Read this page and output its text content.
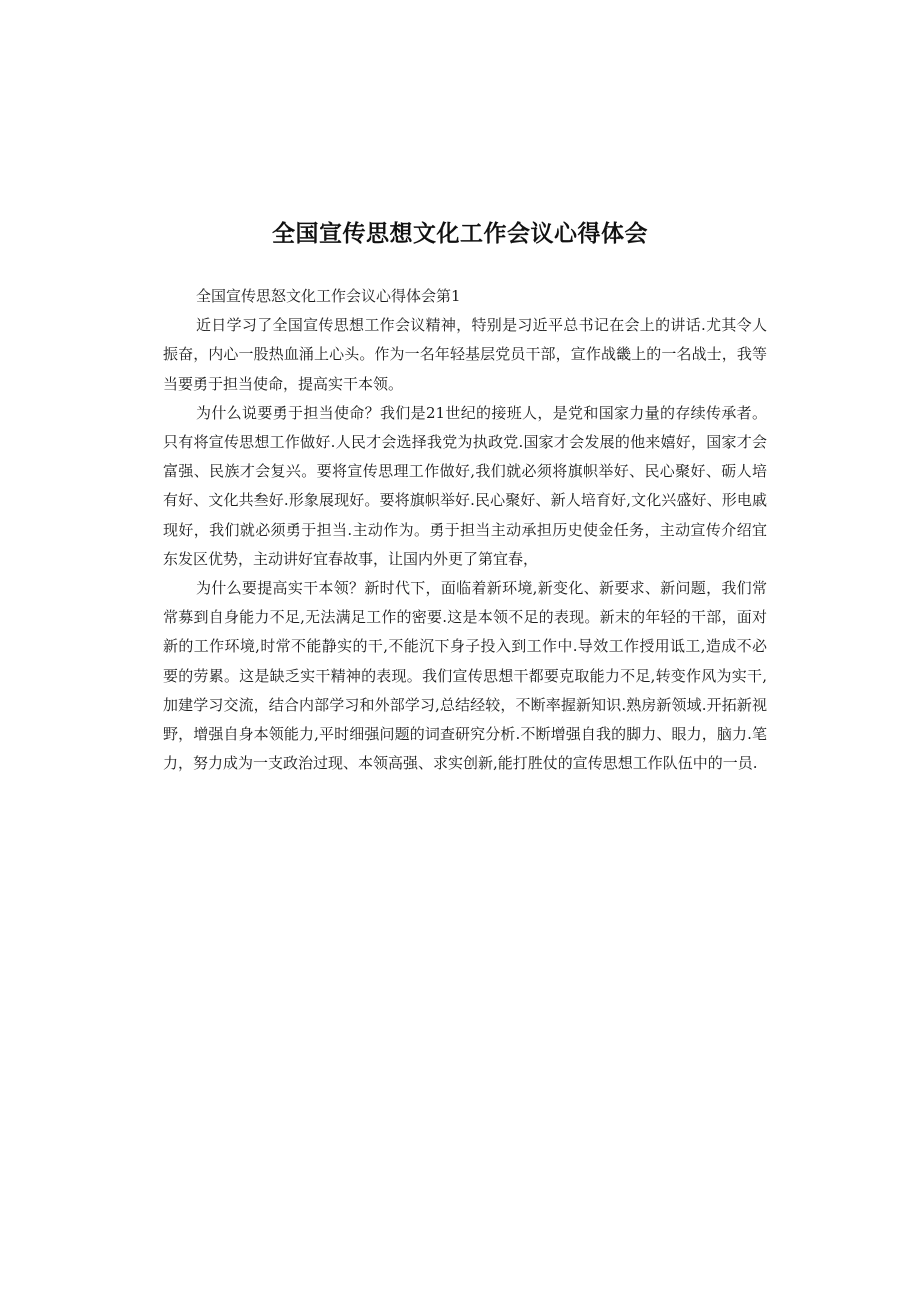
全国宣传思想文化工作会议心得体会

全国宣传思怒文化工作会议心得体会第1

近日学习了全国宣传思想工作会议精神，特别是习近平总书记在会上的讲话.尤其令人振奋，内心一股热血涌上心头。作为一名年轻基层党员干部，宣作战畿上的一名战士，我等当要勇于担当使命，提高实干本领。

为什么说要勇于担当使命？我们是21世纪的接班人，是党和国家力量的存续传承者。只有将宣传思想工作做好.人民才会选择我党为执政党.国家才会发展的他来嬉好，国家才会富强、民族才会复兴。要将宣传思理工作做好,我们就必须将旗帜举好、民心聚好、砺人培有好、文化共叁好.形象展现好。要将旗帜举好.民心聚好、新人培育好,文化兴盛好、形电戚现好，我们就必须勇于担当.主动作为。勇于担当主动承担历史使金任务，主动宣传介绍宜东发区优势，主动讲好宜春故事，让国内外更了第宜春，

为什么要提高实干本领？新时代下，面临着新环境,新变化、新要求、新问题，我们常常募到自身能力不足,无法满足工作的密要.这是本领不足的表现。新末的年轻的干部，面对新的工作环境,时常不能静实的干,不能沉下身子投入到工作中.导效工作授用诋工,造成不必要的劳累。这是缺乏实干精神的表现。我们宣传思想干都要克取能力不足,转变作风为实干,加建学习交流，结合内部学习和外部学习,总结经较，不断率握新知识.熟房新领域.开拓新视野，增强自身本领能力,平时细强问题的词查研究分析.不断增强自我的脚力、眼力，脑力.笔力，努力成为一支政治过现、本领高强、求实创新,能打胜仗的宣传思想工作队伍中的一员.
